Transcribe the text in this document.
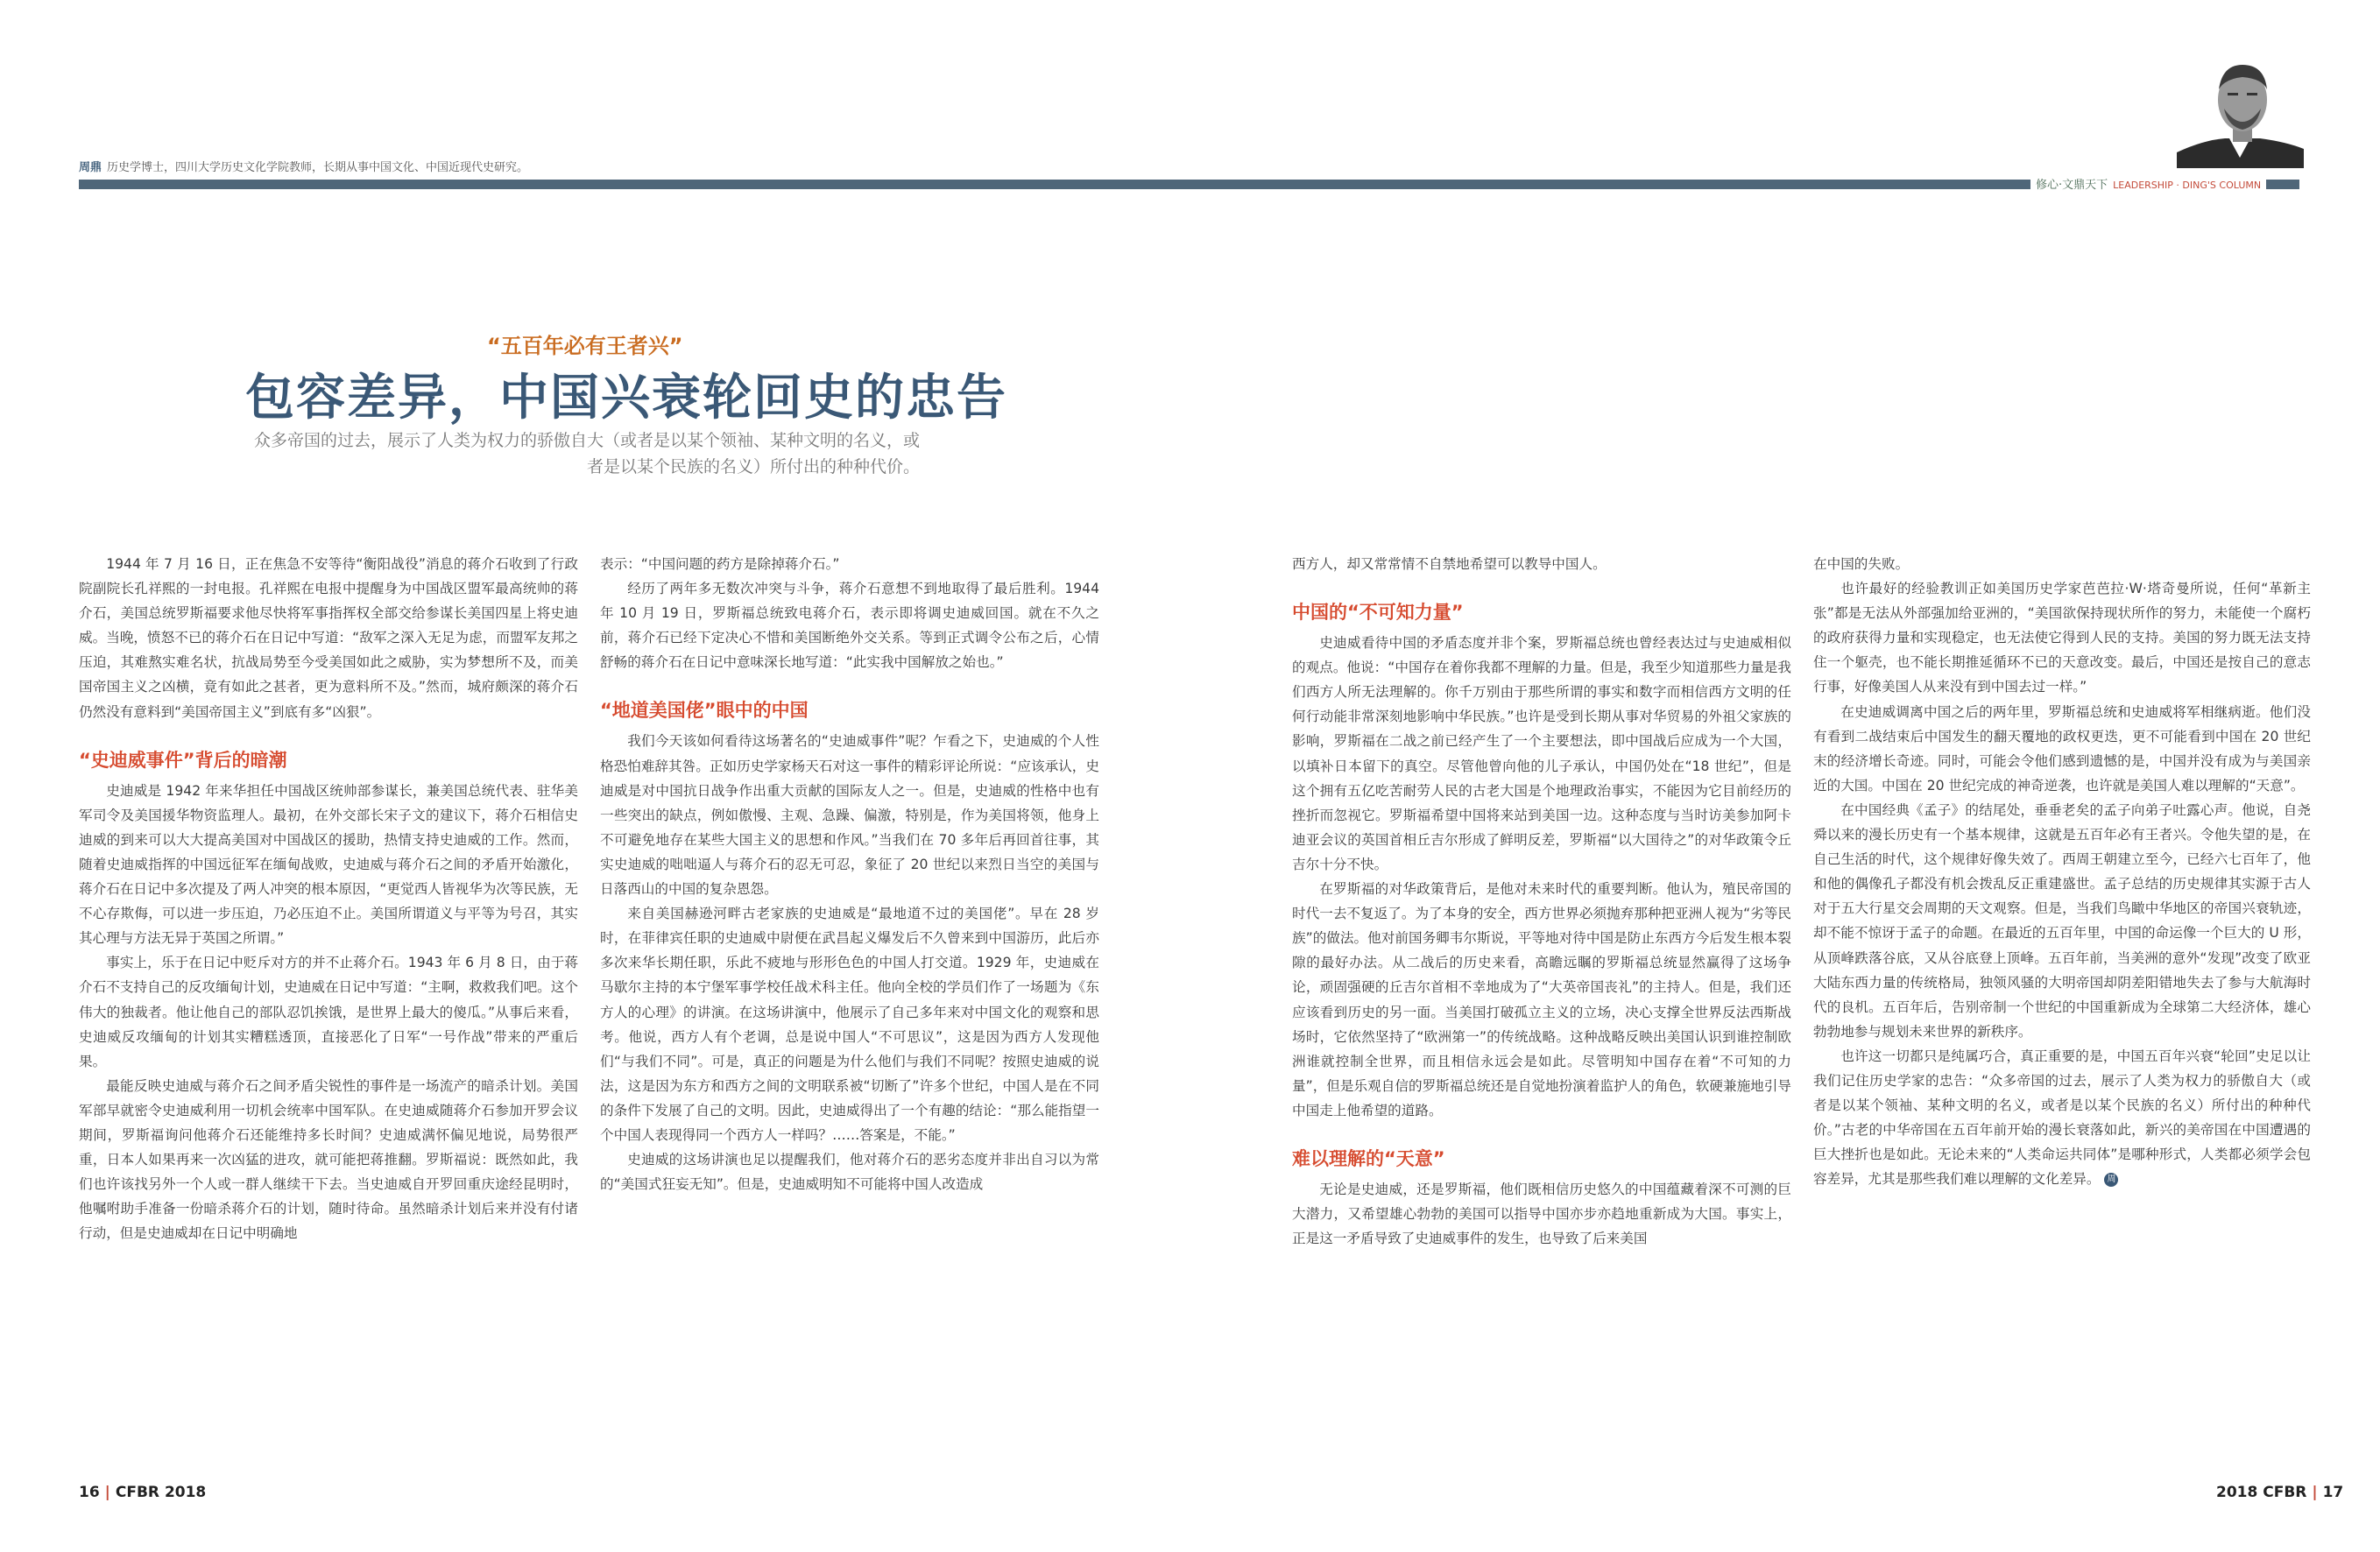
周鼎 历史学博士，四川大学历史文化学院教师，长期从事中国文化、中国近现代史研究。
修心·文鼎天下 LEADERSHIP · DING'S COLUMN
“五百年必有王者兴”
包容差异，中国兴衰轮回史的忠告
众多帝国的过去，展示了人类为权力的骄傲自大（或者是以某个领袖、某种文明的名义，或者是以某个民族的名义）所付出的种种代价。

1944 年 7 月 16 日，正在焦急不安等待“衡阳战役”消息的蒋介石收到了行政院副院长孔祥熙的一封电报。孔祥熙在电报中提醒身为中国战区盟军最高统帅的蒋介石，美国总统罗斯福要求他尽快将军事指挥权全部交给参谋长美国四星上将史迪威。当晚，愤怒不已的蒋介石在日记中写道：“敌军之深入无足为虑，而盟军友邦之压迫，其难熬实难名状，抗战局势至今受美国如此之威胁，实为梦想所不及，而美国帝国主义之凶横，竟有如此之甚者，更为意料所不及。”然而，城府颇深的蒋介石仍然没有意料到“美国帝国主义”到底有多“凶狠”。

“史迪威事件”背后的暗潮

史迪威是 1942 年来华担任中国战区统帅部参谋长，兼美国总统代表、驻华美军司令及美国援华物资监理人。最初，在外交部长宋子文的建议下，蒋介石相信史迪威的到来可以大大提高美国对中国战区的援助，热情支持史迪威的工作。然而，随着史迪威指挥的中国远征军在缅甸战败，史迪威与蒋介石之间的矛盾开始激化，蒋介石在日记中多次提及了两人冲突的根本原因，“更觉西人皆视华为次等民族，无不心存欺侮，可以进一步压迫，乃必压迫不止。美国所谓道义与平等为号召，其实其心理与方法无异于英国之所谓。”

事实上，乐于在日记中贬斥对方的并不止蒋介石。1943 年 6 月 8 日，由于蒋介石不支持自己的反攻缅甸计划，史迪威在日记中写道：“主啊，救救我们吧。这个伟大的独裁者。他让他自己的部队忍饥挨饿，是世界上最大的傻瓜。”从事后来看，史迪威反攻缅甸的计划其实糟糕透顶，直接恶化了日军“一号作战”带来的严重后果。

最能反映史迪威与蒋介石之间矛盾尖锐性的事件是一场流产的暗杀计划。美国军部早就密令史迪威利用一切机会统率中国军队。在史迪威随蒋介石参加开罗会议期间，罗斯福询问他蒋介石还能维持多长时间？史迪威满怀偏见地说，局势很严重，日本人如果再来一次凶猛的进攻，就可能把蒋推翻。罗斯福说：既然如此，我们也许该找另外一个人或一群人继续干下去。当史迪威自开罗回重庆途经昆明时，他嘱咐助手准备一份暗杀蒋介石的计划，随时待命。虽然暗杀计划后来并没有付诸行动，但是史迪威却在日记中明确地

表示：“中国问题的药方是除掉蒋介石。”

经历了两年多无数次冲突与斗争，蒋介石意想不到地取得了最后胜利。1944 年 10 月 19 日，罗斯福总统致电蒋介石，表示即将调史迪威回国。就在不久之前，蒋介石已经下定决心不惜和美国断绝外交关系。等到正式调令公布之后，心情舒畅的蒋介石在日记中意味深长地写道：“此实我中国解放之始也。”

“地道美国佬”眼中的中国

我们今天该如何看待这场著名的“史迪威事件”呢？乍看之下，史迪威的个人性格恐怕难辞其咎。正如历史学家杨天石对这一事件的精彩评论所说：“应该承认，史迪威是对中国抗日战争作出重大贡献的国际友人之一。但是，史迪威的性格中也有一些突出的缺点，例如傲慢、主观、急躁、偏激，特别是，作为美国将领，他身上不可避免地存在某些大国主义的思想和作风。”当我们在 70 多年后再回首往事，其实史迪威的咄咄逼人与蒋介石的忍无可忍，象征了 20 世纪以来烈日当空的美国与日落西山的中国的复杂恩怨。

来自美国赫逊河畔古老家族的史迪威是“最地道不过的美国佬”。早在 28 岁时，在菲律宾任职的史迪威中尉便在武昌起义爆发后不久曾来到中国游历，此后亦多次来华长期任职，乐此不疲地与形形色色的中国人打交道。1929 年，史迪威在马歇尔主持的本宁堡军事学校任战术科主任。他向全校的学员们作了一场题为《东方人的心理》的讲演。在这场讲演中，他展示了自己多年来对中国文化的观察和思考。他说，西方人有个老调，总是说中国人“不可思议”，这是因为西方人发现他们“与我们不同”。可是，真正的问题是为什么他们与我们不同呢？按照史迪威的说法，这是因为东方和西方之间的文明联系被“切断了”许多个世纪，中国人是在不同的条件下发展了自己的文明。因此，史迪威得出了一个有趣的结论：“那么能指望一个中国人表现得同一个西方人一样吗？……答案是，不能。”

史迪威的这场讲演也足以提醒我们，他对蒋介石的恶劣态度并非出自习以为常的“美国式狂妄无知”。但是，史迪威明知不可能将中国人改造成

西方人，却又常常情不自禁地希望可以教导中国人。

中国的“不可知力量”

史迪威看待中国的矛盾态度并非个案，罗斯福总统也曾经表达过与史迪威相似的观点。他说：“中国存在着你我都不理解的力量。但是，我至少知道那些力量是我们西方人所无法理解的。你千万别由于那些所谓的事实和数字而相信西方文明的任何行动能非常深刻地影响中华民族。”也许是受到长期从事对华贸易的外祖父家族的影响，罗斯福在二战之前已经产生了一个主要想法，即中国战后应成为一个大国，以填补日本留下的真空。尽管他曾向他的儿子承认，中国仍处在“18 世纪”，但是这个拥有五亿吃苦耐劳人民的古老大国是个地理政治事实，不能因为它目前经历的挫折而忽视它。罗斯福希望中国将来站到美国一边。这种态度与当时访美参加阿卡迪亚会议的英国首相丘吉尔形成了鲜明反差，罗斯福“以大国待之”的对华政策令丘吉尔十分不快。

在罗斯福的对华政策背后，是他对未来时代的重要判断。他认为，殖民帝国的时代一去不复返了。为了本身的安全，西方世界必须抛弃那种把亚洲人视为“劣等民族”的做法。他对前国务卿韦尔斯说，平等地对待中国是防止东西方今后发生根本裂隙的最好办法。从二战后的历史来看，高瞻远瞩的罗斯福总统显然赢得了这场争论，顽固强硬的丘吉尔首相不幸地成为了“大英帝国丧礼”的主持人。但是，我们还应该看到历史的另一面。当美国打破孤立主义的立场，决心支撑全世界反法西斯战场时，它依然坚持了“欧洲第一”的传统战略。这种战略反映出美国认识到谁控制欧洲谁就控制全世界，而且相信永远会是如此。尽管明知中国存在着“不可知的力量”，但是乐观自信的罗斯福总统还是自觉地扮演着监护人的角色，软硬兼施地引导中国走上他希望的道路。

难以理解的“天意”

无论是史迪威，还是罗斯福，他们既相信历史悠久的中国蕴藏着深不可测的巨大潜力，又希望雄心勃勃的美国可以指导中国亦步亦趋地重新成为大国。事实上，正是这一矛盾导致了史迪威事件的发生，也导致了后来美国

在中国的失败。

也许最好的经验教训正如美国历史学家芭芭拉·W·塔奇曼所说，任何“革新主张”都是无法从外部强加给亚洲的，“美国欲保持现状所作的努力，未能使一个腐朽的政府获得力量和实现稳定，也无法使它得到人民的支持。美国的努力既无法支持住一个躯壳，也不能长期推延循环不已的天意改变。最后，中国还是按自己的意志行事，好像美国人从来没有到中国去过一样。”

在史迪威调离中国之后的两年里，罗斯福总统和史迪威将军相继病逝。他们没有看到二战结束后中国发生的翻天覆地的政权更迭，更不可能看到中国在 20 世纪末的经济增长奇迹。同时，可能会令他们感到遗憾的是，中国并没有成为与美国亲近的大国。中国在 20 世纪完成的神奇逆袭，也许就是美国人难以理解的“天意”。

在中国经典《孟子》的结尾处，垂垂老矣的孟子向弟子吐露心声。他说，自尧舜以来的漫长历史有一个基本规律，这就是五百年必有王者兴。令他失望的是，在自己生活的时代，这个规律好像失效了。西周王朝建立至今，已经六七百年了，他和他的偶像孔子都没有机会拨乱反正重建盛世。孟子总结的历史规律其实源于古人对于五大行星交会周期的天文观察。但是，当我们鸟瞰中华地区的帝国兴衰轨迹，却不能不惊讶于孟子的命题。在最近的五百年里，中国的命运像一个巨大的 U 形，从顶峰跌落谷底，又从谷底登上顶峰。五百年前，当美洲的意外“发现”改变了欧亚大陆东西力量的传统格局，独领风骚的大明帝国却阴差阳错地失去了参与大航海时代的良机。五百年后，告别帝制一个世纪的中国重新成为全球第二大经济体，雄心勃勃地参与规划未来世界的新秩序。

也许这一切都只是纯属巧合，真正重要的是，中国五百年兴衰“轮回”史足以让我们记住历史学家的忠告：“众多帝国的过去，展示了人类为权力的骄傲自大（或者是以某个领袖、某种文明的名义，或者是以某个民族的名义）所付出的种种代价。”古老的中华帝国在五百年前开始的漫长衰落如此，新兴的美帝国在中国遭遇的巨大挫折也是如此。无论未来的“人类命运共同体”是哪种形式，人类都必须学会包容差异，尤其是那些我们难以理解的文化差异。 周

16 | CFBR 2018	2018 CFBR | 17
